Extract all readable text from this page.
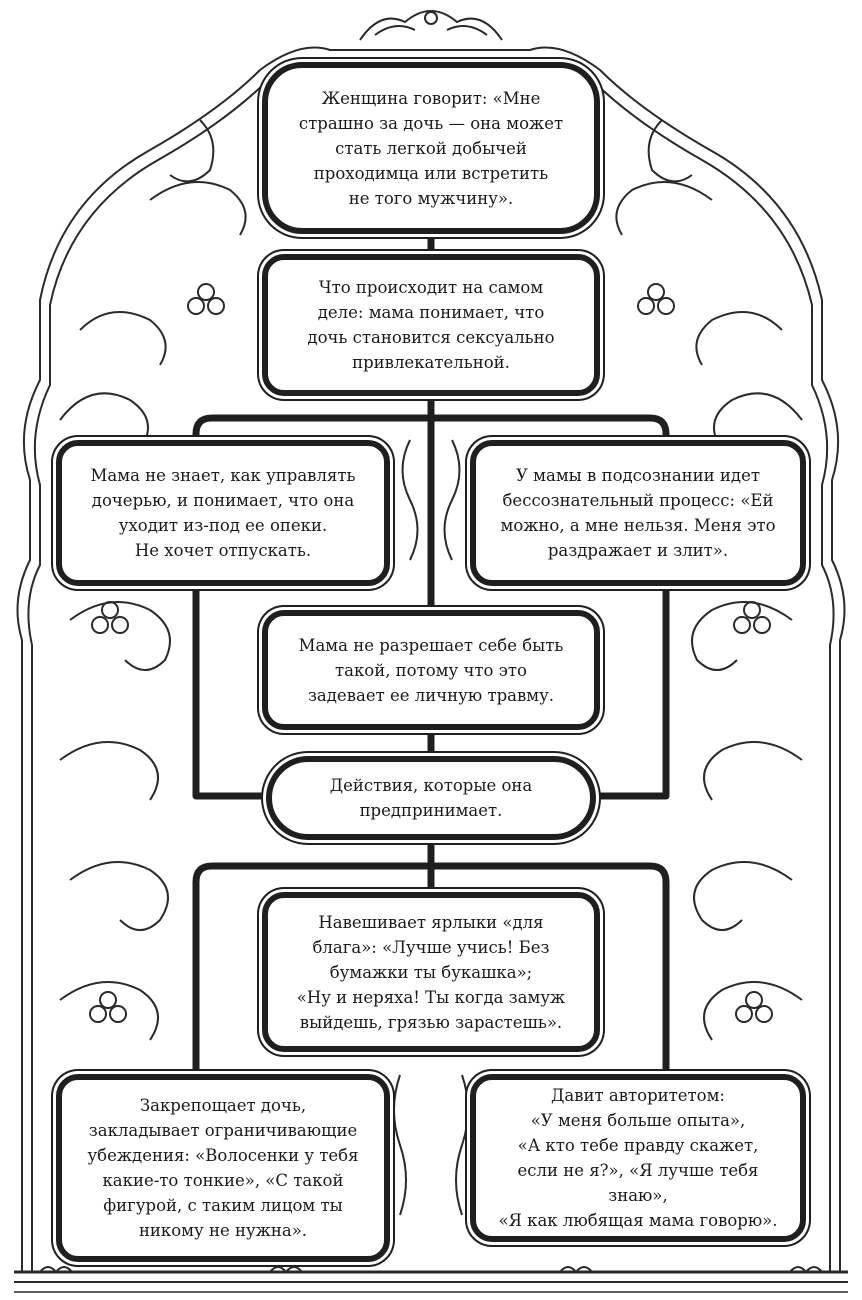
Женщина говорит: «Мне
страшно за дочь — она может
стать легкой добычей
проходимца или встретить
не того мужчину».
Что происходит на самом
деле: мама понимает, что
дочь становится сексуально
привлекательной.
Мама не знает, как управлять
дочерью, и понимает, что она
уходит из-под ее опеки.
Не хочет отпускать.
У мамы в подсознании идет
бессознательный процесс: «Ей
можно, а мне нельзя. Меня это
раздражает и злит».
Мама не разрешает себе быть
такой, потому что это
задевает ее личную травму.
Действия, которые она
предпринимает.
Навешивает ярлыки «для
блага»: «Лучше учись! Без
бумажки ты букашка»;
«Ну и неряха! Ты когда замуж
выйдешь, грязью зарастешь».
Закрепощает дочь,
закладывает ограничивающие
убеждения: «Волосенки у тебя
какие-то тонкие», «С такой
фигурой, с таким лицом ты
никому не нужна».
Давит авторитетом:
«У меня больше опыта»,
«А кто тебе правду скажет,
если не я?», «Я лучше тебя знаю»,
«Я как любящая мама говорю».
